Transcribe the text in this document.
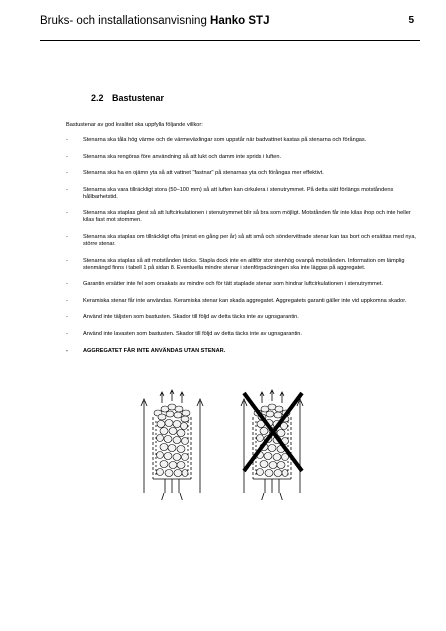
Bruks- och installationsanvisning Hanko STJ	5
2.2 Bastustenar
Bastustenar av god kvalitet ska uppfylla följande villkor:
-	Stenarna ska tåla hög värme och de värmeväxlingar som uppstår när badvattnet kastas på stenarna och förångas.
-	Stenarna ska rengöras före användning så att lukt och damm inte sprids i luften.
-	Stenarna ska ha en ojämn yta så att vattnet "fastnar" på stenarnas yta och förångas mer effektivt.
-	Stenarna ska vara tillräckligt stora (50–100 mm) så att luften kan cirkulera i stenutrymmet. På detta sätt förlängs motståndens hållbarhetstid.
-	Stenarna ska staplas glest så att luftcirkulationen i stenutrymmet blir så bra som möjligt. Motstånden får inte kilas ihop och inte heller kilas fast mot stommen.
-	Stenarna ska staplas om tillräckligt ofta (minst en gång per år) så att små och söndervittrade stenar kan tas bort och ersättas med nya, större stenar.
-	Stenarna ska staplas så att motstånden täcks. Stapla dock inte en alltför stor stenhög ovanpå motstånden. Information om lämplig stenmängd finns i tabell 1 på sidan 8. Eventuella mindre stenar i stenförpackningen ska inte läggas på aggregatet.
-	Garantin ersätter inte fel som orsakats av mindre och för tätt staplade stenar som hindrar luftcirkulationen i stenutrymmet.
-	Keramiska stenar får inte användas. Keramiska stenar kan skada aggregatet. Aggregatets garanti gäller inte vid uppkomna skador.
-	Använd inte täljsten som bastusten. Skador till följd av detta täcks inte av ugnsgarantin.
-	Använd inte lavasten som bastusten. Skador till följd av detta täcks inte av ugnsgarantin.
-	AGGREGATET FÅR INTE ANVÄNDAS UTAN STENAR.
